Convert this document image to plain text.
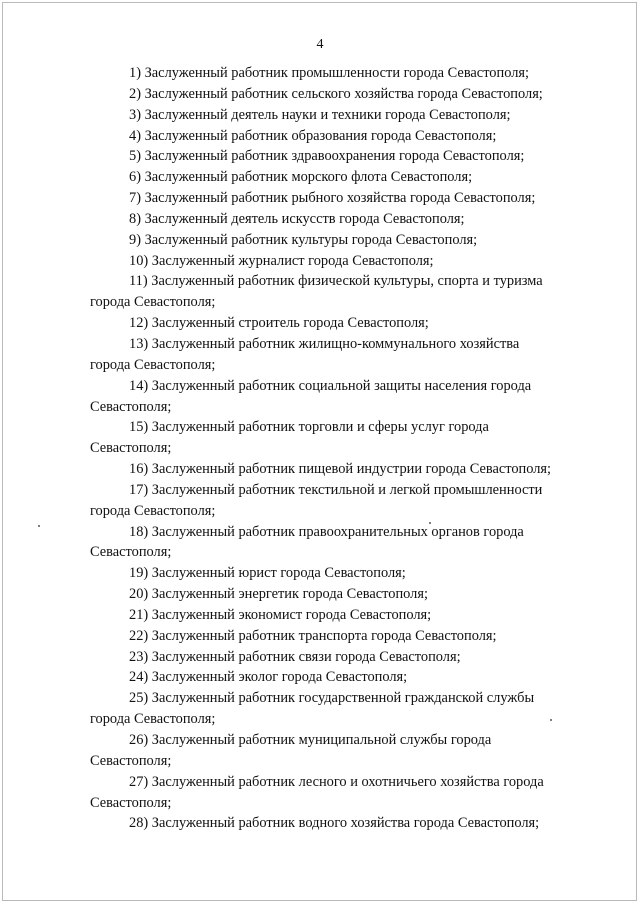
4

1) Заслуженный работник промышленности города Севастополя;

2) Заслуженный работник сельского хозяйства города Севастополя;

3) Заслуженный деятель науки и техники города Севастополя;

4) Заслуженный работник образования города Севастополя;

5) Заслуженный работник здравоохранения города Севастополя;

6) Заслуженный работник морского флота Севастополя;

7) Заслуженный работник рыбного хозяйства города Севастополя;

8) Заслуженный деятель искусств города Севастополя;

9) Заслуженный работник культуры города Севастополя;

10) Заслуженный журналист города Севастополя;

11) Заслуженный работник физической культуры, спорта и туризма города Севастополя;

12) Заслуженный строитель города Севастополя;

13) Заслуженный работник жилищно-коммунального хозяйства города Севастополя;

14) Заслуженный работник социальной защиты населения города Севастополя;

15) Заслуженный работник торговли и сферы услуг города Севастополя;

16) Заслуженный работник пищевой индустрии города Севастополя;

17) Заслуженный работник текстильной и легкой промышленности города Севастополя;

18) Заслуженный работник правоохранительных органов города Севастополя;

19) Заслуженный юрист города Севастополя;

20) Заслуженный энергетик города Севастополя;

21) Заслуженный экономист города Севастополя;

22) Заслуженный работник транспорта города Севастополя;

23) Заслуженный работник связи города Севастополя;

24) Заслуженный эколог города Севастополя;

25) Заслуженный работник государственной гражданской службы города Севастополя;

26) Заслуженный работник муниципальной службы города Севастополя;

27) Заслуженный работник лесного и охотничьего хозяйства города Севастополя;

28) Заслуженный работник водного хозяйства города Севастополя;
